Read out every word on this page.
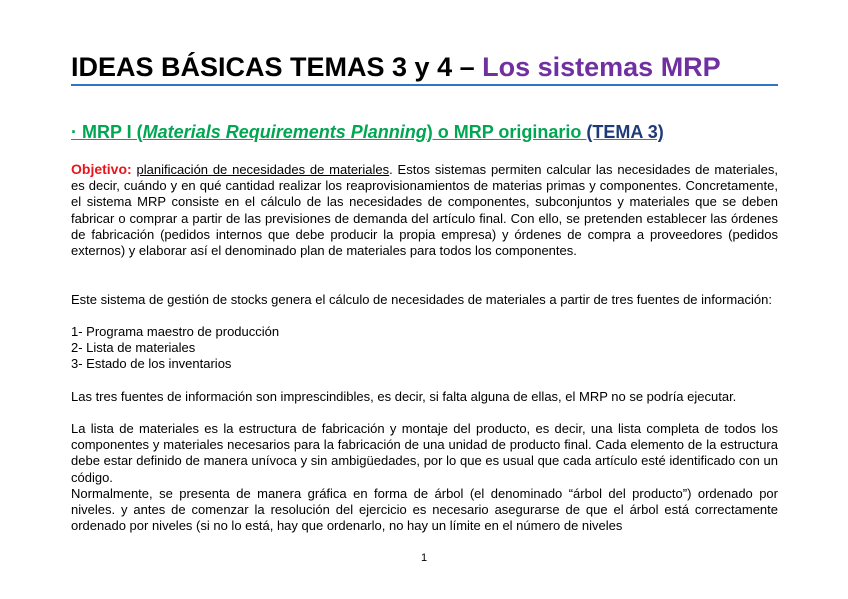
IDEAS BÁSICAS TEMAS 3 y 4 – Los sistemas MRP
· MRP I (Materials Requirements Planning) o MRP originario (TEMA 3)
Objetivo: planificación de necesidades de materiales. Estos sistemas permiten calcular las necesidades de materiales, es decir, cuándo y en qué cantidad realizar los reaprovisionamientos de materias primas y componentes. Concretamente, el sistema MRP consiste en el cálculo de las necesidades de componentes, subconjuntos y materiales que se deben fabricar o comprar a partir de las previsiones de demanda del artículo final. Con ello, se pretenden establecer las órdenes de fabricación (pedidos internos que debe producir la propia empresa) y órdenes de compra a proveedores (pedidos externos) y elaborar así el denominado plan de materiales para todos los componentes.
Este sistema de gestión de stocks genera el cálculo de necesidades de materiales a partir de tres fuentes de información:
1- Programa maestro de producción
2- Lista de materiales
3- Estado de los inventarios
Las tres fuentes de información son imprescindibles, es decir, si falta alguna de ellas, el MRP no se podría ejecutar.
La lista de materiales es la estructura de fabricación y montaje del producto, es decir, una lista completa de todos los componentes y materiales necesarios para la fabricación de una unidad de producto final. Cada elemento de la estructura debe estar definido de manera unívoca y sin ambigüedades, por lo que es usual que cada artículo esté identificado con un código.
Normalmente, se presenta de manera gráfica en forma de árbol (el denominado “árbol del producto”) ordenado por niveles. y antes de comenzar la resolución del ejercicio es necesario asegurarse de que el árbol está correctamente ordenado por niveles (si no lo está, hay que ordenarlo, no hay un límite en el número de niveles
1
